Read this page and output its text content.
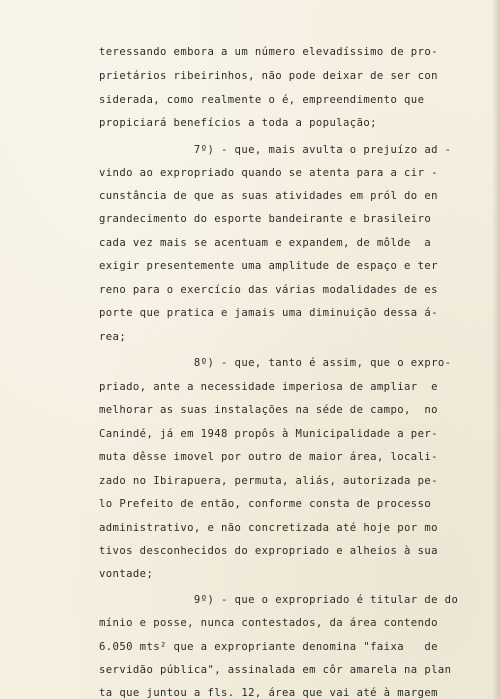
teressando embora a um número elevadíssimo de pro-

prietários ribeirinhos, não pode deixar de ser con

siderada, como realmente o é, empreendimento que

propiciará benefícios a toda a população;

7º) - que, mais avulta o prejuízo ad -

vindo ao expropriado quando se atenta para a cir -

cunstância de que as suas atividades em pról do en

grandecimento do esporte bandeirante e brasileiro

cada vez mais se acentuam e expandem, de môlde  a

exigir presentemente uma amplitude de espaço e ter

reno para o exercício das várias modalidades de es

porte que pratica e jamais uma diminuição dessa á-

rea;

8º) - que, tanto é assim, que o expro-

priado, ante a necessidade imperiosa de ampliar  e

melhorar as suas instalações na séde de campo,  no

Canindé, já em 1948 propôs à Municipalidade a per-

muta dêsse imovel por outro de maior área, locali-

zado no Ibirapuera, permuta, aliás, autorizada pe-

lo Prefeito de então, conforme consta de processo

administrativo, e não concretizada até hoje por mo

tivos desconhecidos do expropriado e alheios à sua

vontade;

9º) - que o expropriado é titular de do

mínio e posse, nunca contestados, da área contendo

6.050 mts² que a expropriante denomina "faixa   de

servidão pública", assinalada em côr amarela na plan

ta que juntou a fls. 12, área que vai até à margem
